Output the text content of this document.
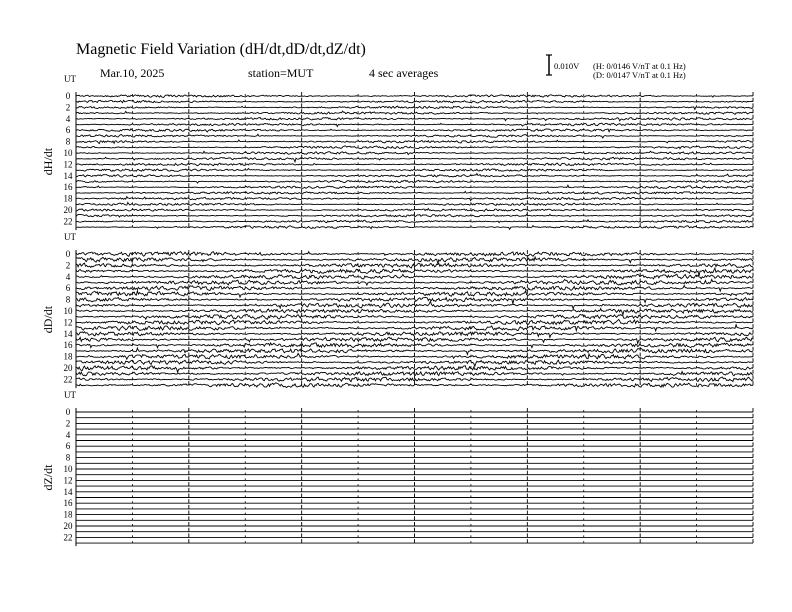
Magnetic Field Variation (dH/dt,dD/dt,dZ/dt)
Mar.10, 2025	station=MUT	4 sec averages	0.010V (H: 0/0146 V/nT at 0.1 Hz)
(D: 0/0147 V/nT at 0.1 Hz)
UT
dH/dt
0
2
4
6
8
10
12
14
16
18
20
22
UT
dD/dt
0
2
4
6
8
10
12
14
16
18
20
22
UT
dZ/dt
0
2
4
6
8
10
12
14
16
18
20
22
